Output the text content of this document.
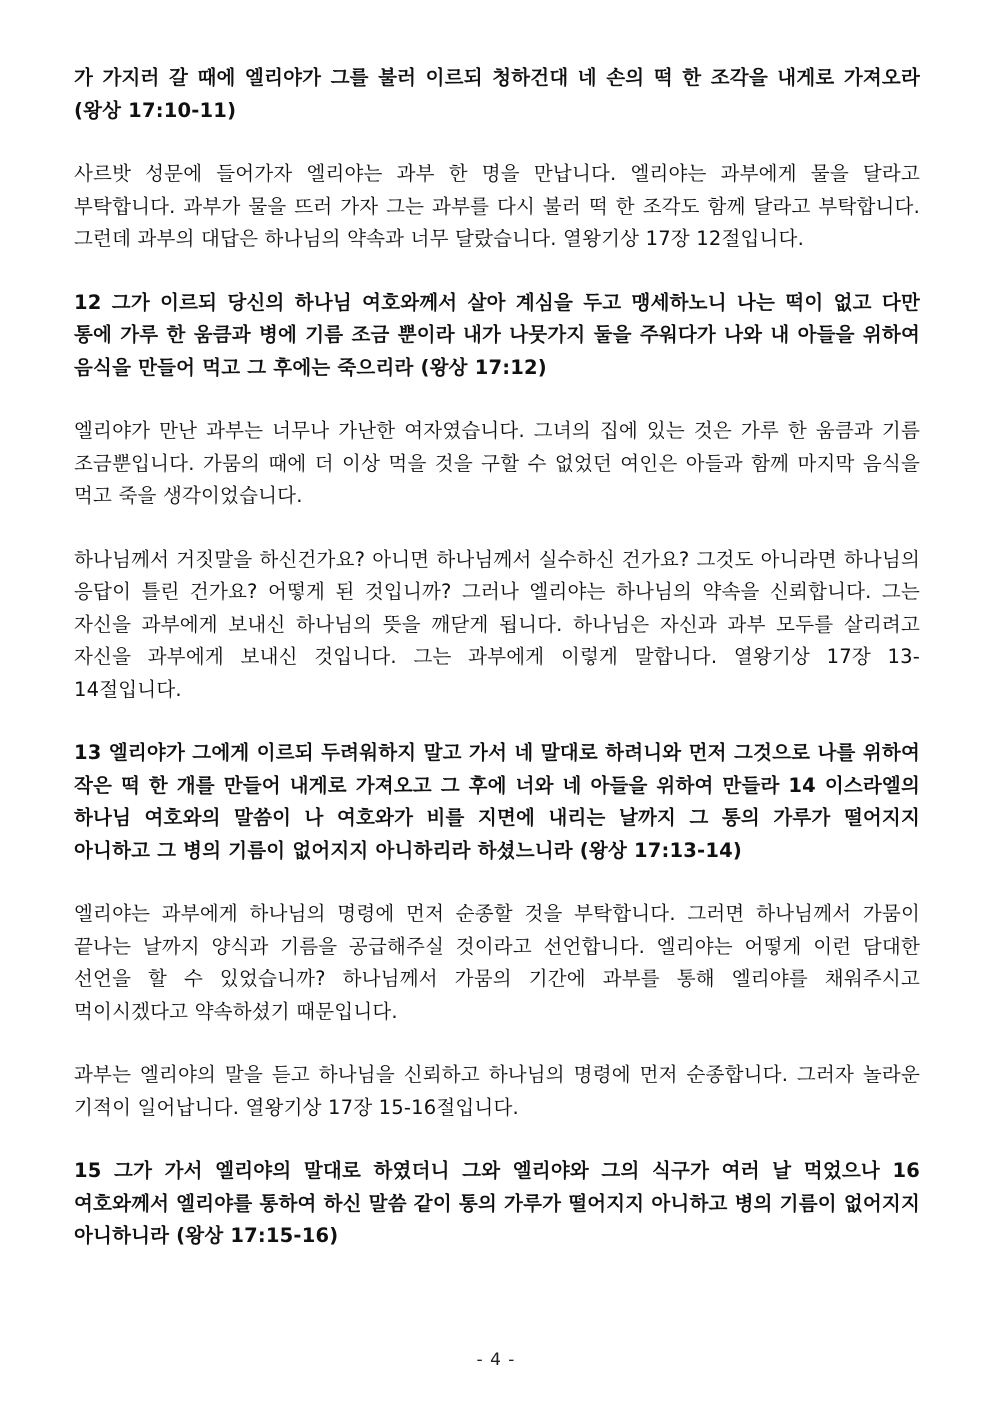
가 가지러 갈 때에 엘리야가 그를 불러 이르되 청하건대 네 손의 떡 한 조각을 내게로 가져오라 (왕상 17:10-11)

사르밧 성문에 들어가자 엘리야는 과부 한 명을 만납니다. 엘리야는 과부에게 물을 달라고 부탁합니다. 과부가 물을 뜨러 가자 그는 과부를 다시 불러 떡 한 조각도 함께 달라고 부탁합니다. 그런데 과부의 대답은 하나님의 약속과 너무 달랐습니다. 열왕기상 17장 12절입니다.

12 그가 이르되 당신의 하나님 여호와께서 살아 계심을 두고 맹세하노니 나는 떡이 없고 다만 통에 가루 한 움큼과 병에 기름 조금 뿐이라 내가 나뭇가지 둘을 주워다가 나와 내 아들을 위하여 음식을 만들어 먹고 그 후에는 죽으리라 (왕상 17:12)

엘리야가 만난 과부는 너무나 가난한 여자였습니다. 그녀의 집에 있는 것은 가루 한 움큼과 기름 조금뿐입니다. 가뭄의 때에 더 이상 먹을 것을 구할 수 없었던 여인은 아들과 함께 마지막 음식을 먹고 죽을 생각이었습니다.

하나님께서 거짓말을 하신건가요? 아니면 하나님께서 실수하신 건가요? 그것도 아니라면 하나님의 응답이 틀린 건가요? 어떻게 된 것입니까? 그러나 엘리야는 하나님의 약속을 신뢰합니다. 그는 자신을 과부에게 보내신 하나님의 뜻을 깨닫게 됩니다. 하나님은 자신과 과부 모두를 살리려고 자신을 과부에게 보내신 것입니다. 그는 과부에게 이렇게 말합니다. 열왕기상 17장 13-14절입니다.

13 엘리야가 그에게 이르되 두려워하지 말고 가서 네 말대로 하려니와 먼저 그것으로 나를 위하여 작은 떡 한 개를 만들어 내게로 가져오고 그 후에 너와 네 아들을 위하여 만들라 14 이스라엘의 하나님 여호와의 말씀이 나 여호와가 비를 지면에 내리는 날까지 그 통의 가루가 떨어지지 아니하고 그 병의 기름이 없어지지 아니하리라 하셨느니라 (왕상 17:13-14)

엘리야는 과부에게 하나님의 명령에 먼저 순종할 것을 부탁합니다. 그러면 하나님께서 가뭄이 끝나는 날까지 양식과 기름을 공급해주실 것이라고 선언합니다. 엘리야는 어떻게 이런 담대한 선언을 할 수 있었습니까? 하나님께서 가뭄의 기간에 과부를 통해 엘리야를 채워주시고 먹이시겠다고 약속하셨기 때문입니다.

과부는 엘리야의 말을 듣고 하나님을 신뢰하고 하나님의 명령에 먼저 순종합니다. 그러자 놀라운 기적이 일어납니다. 열왕기상 17장 15-16절입니다.

15 그가 가서 엘리야의 말대로 하였더니 그와 엘리야와 그의 식구가 여러 날 먹었으나 16 여호와께서 엘리야를 통하여 하신 말씀 같이 통의 가루가 떨어지지 아니하고 병의 기름이 없어지지 아니하니라 (왕상 17:15-16)

- 4 -
